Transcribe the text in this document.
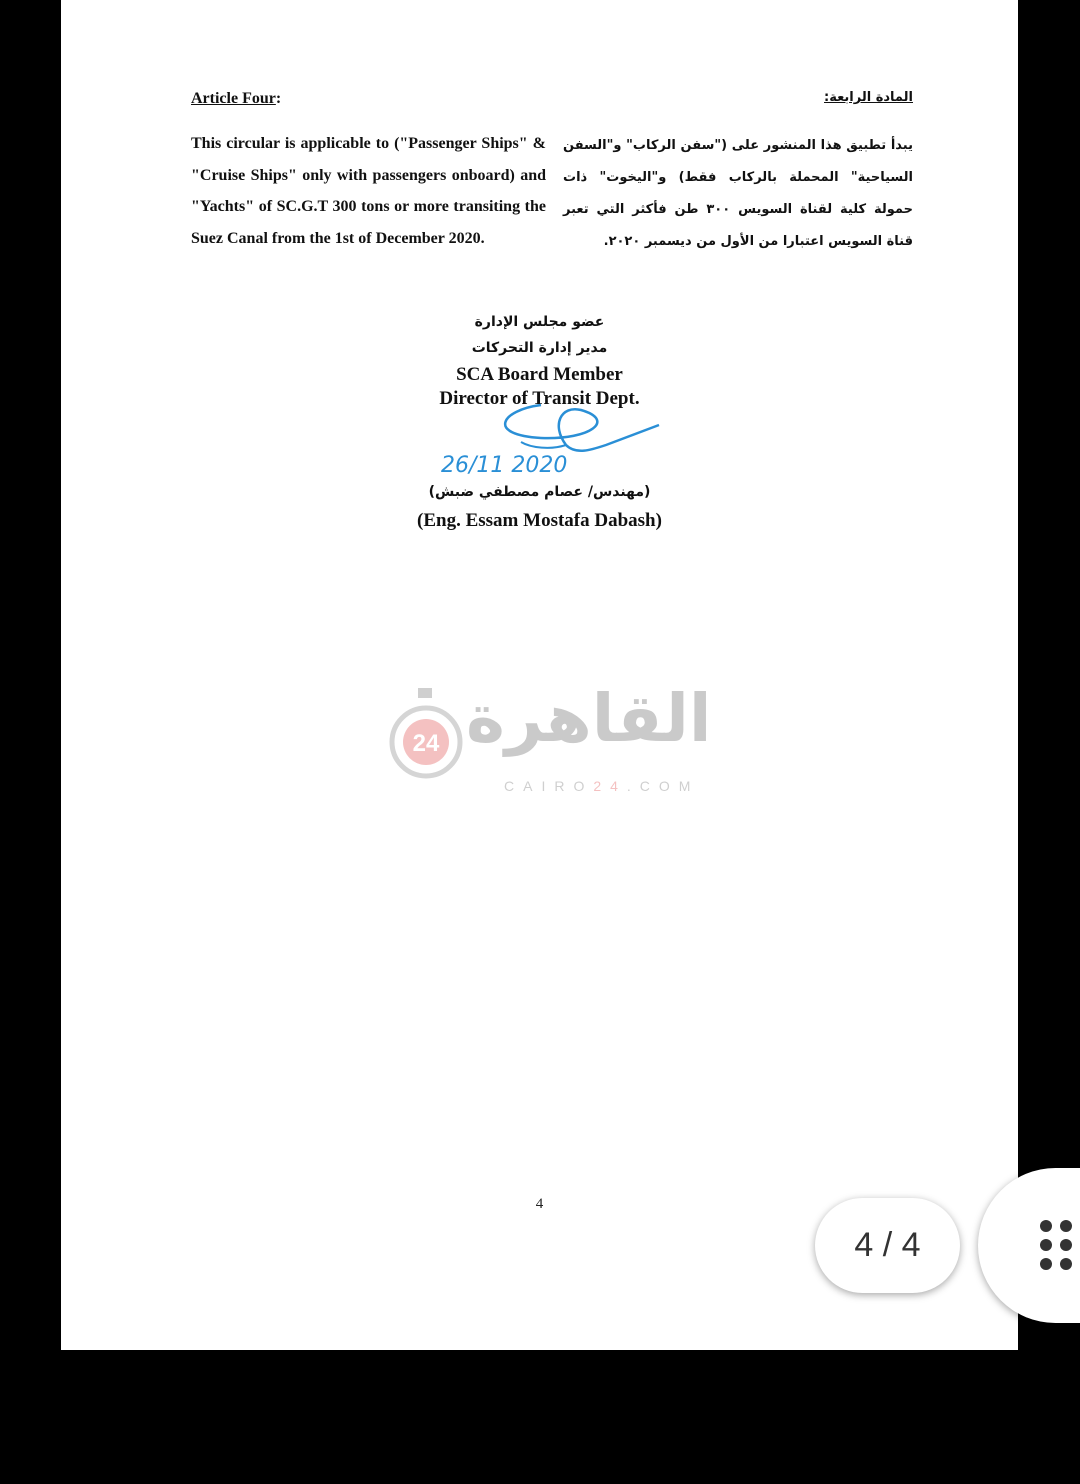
Article Four:	المادة الرابعة:
This circular is applicable to ("Passenger Ships" & "Cruise Ships" only with passengers onboard) and "Yachts" of SC.G.T 300 tons or more transiting the Suez Canal from the 1st of December 2020.
يبدأ تطبيق هذا المنشور على ("سفن الركاب" و"السفن السياحية" المحملة بالركاب فقط) و"اليخوت" ذات حمولة كلية لقناة السويس ٣٠٠ طن فأكثر التي تعبر قناة السويس اعتبارا من الأول من ديسمبر ٢٠٢٠.
عضو مجلس الإدارة
مدير إدارة التحركات
SCA Board Member
Director of Transit Dept.
26/11 2020
(مهندس/ عصام مصطفي ضبش)
(Eng. Essam Mostafa Dabash)
24 القاهرة
CAIRO24.COM
4
4 / 4
